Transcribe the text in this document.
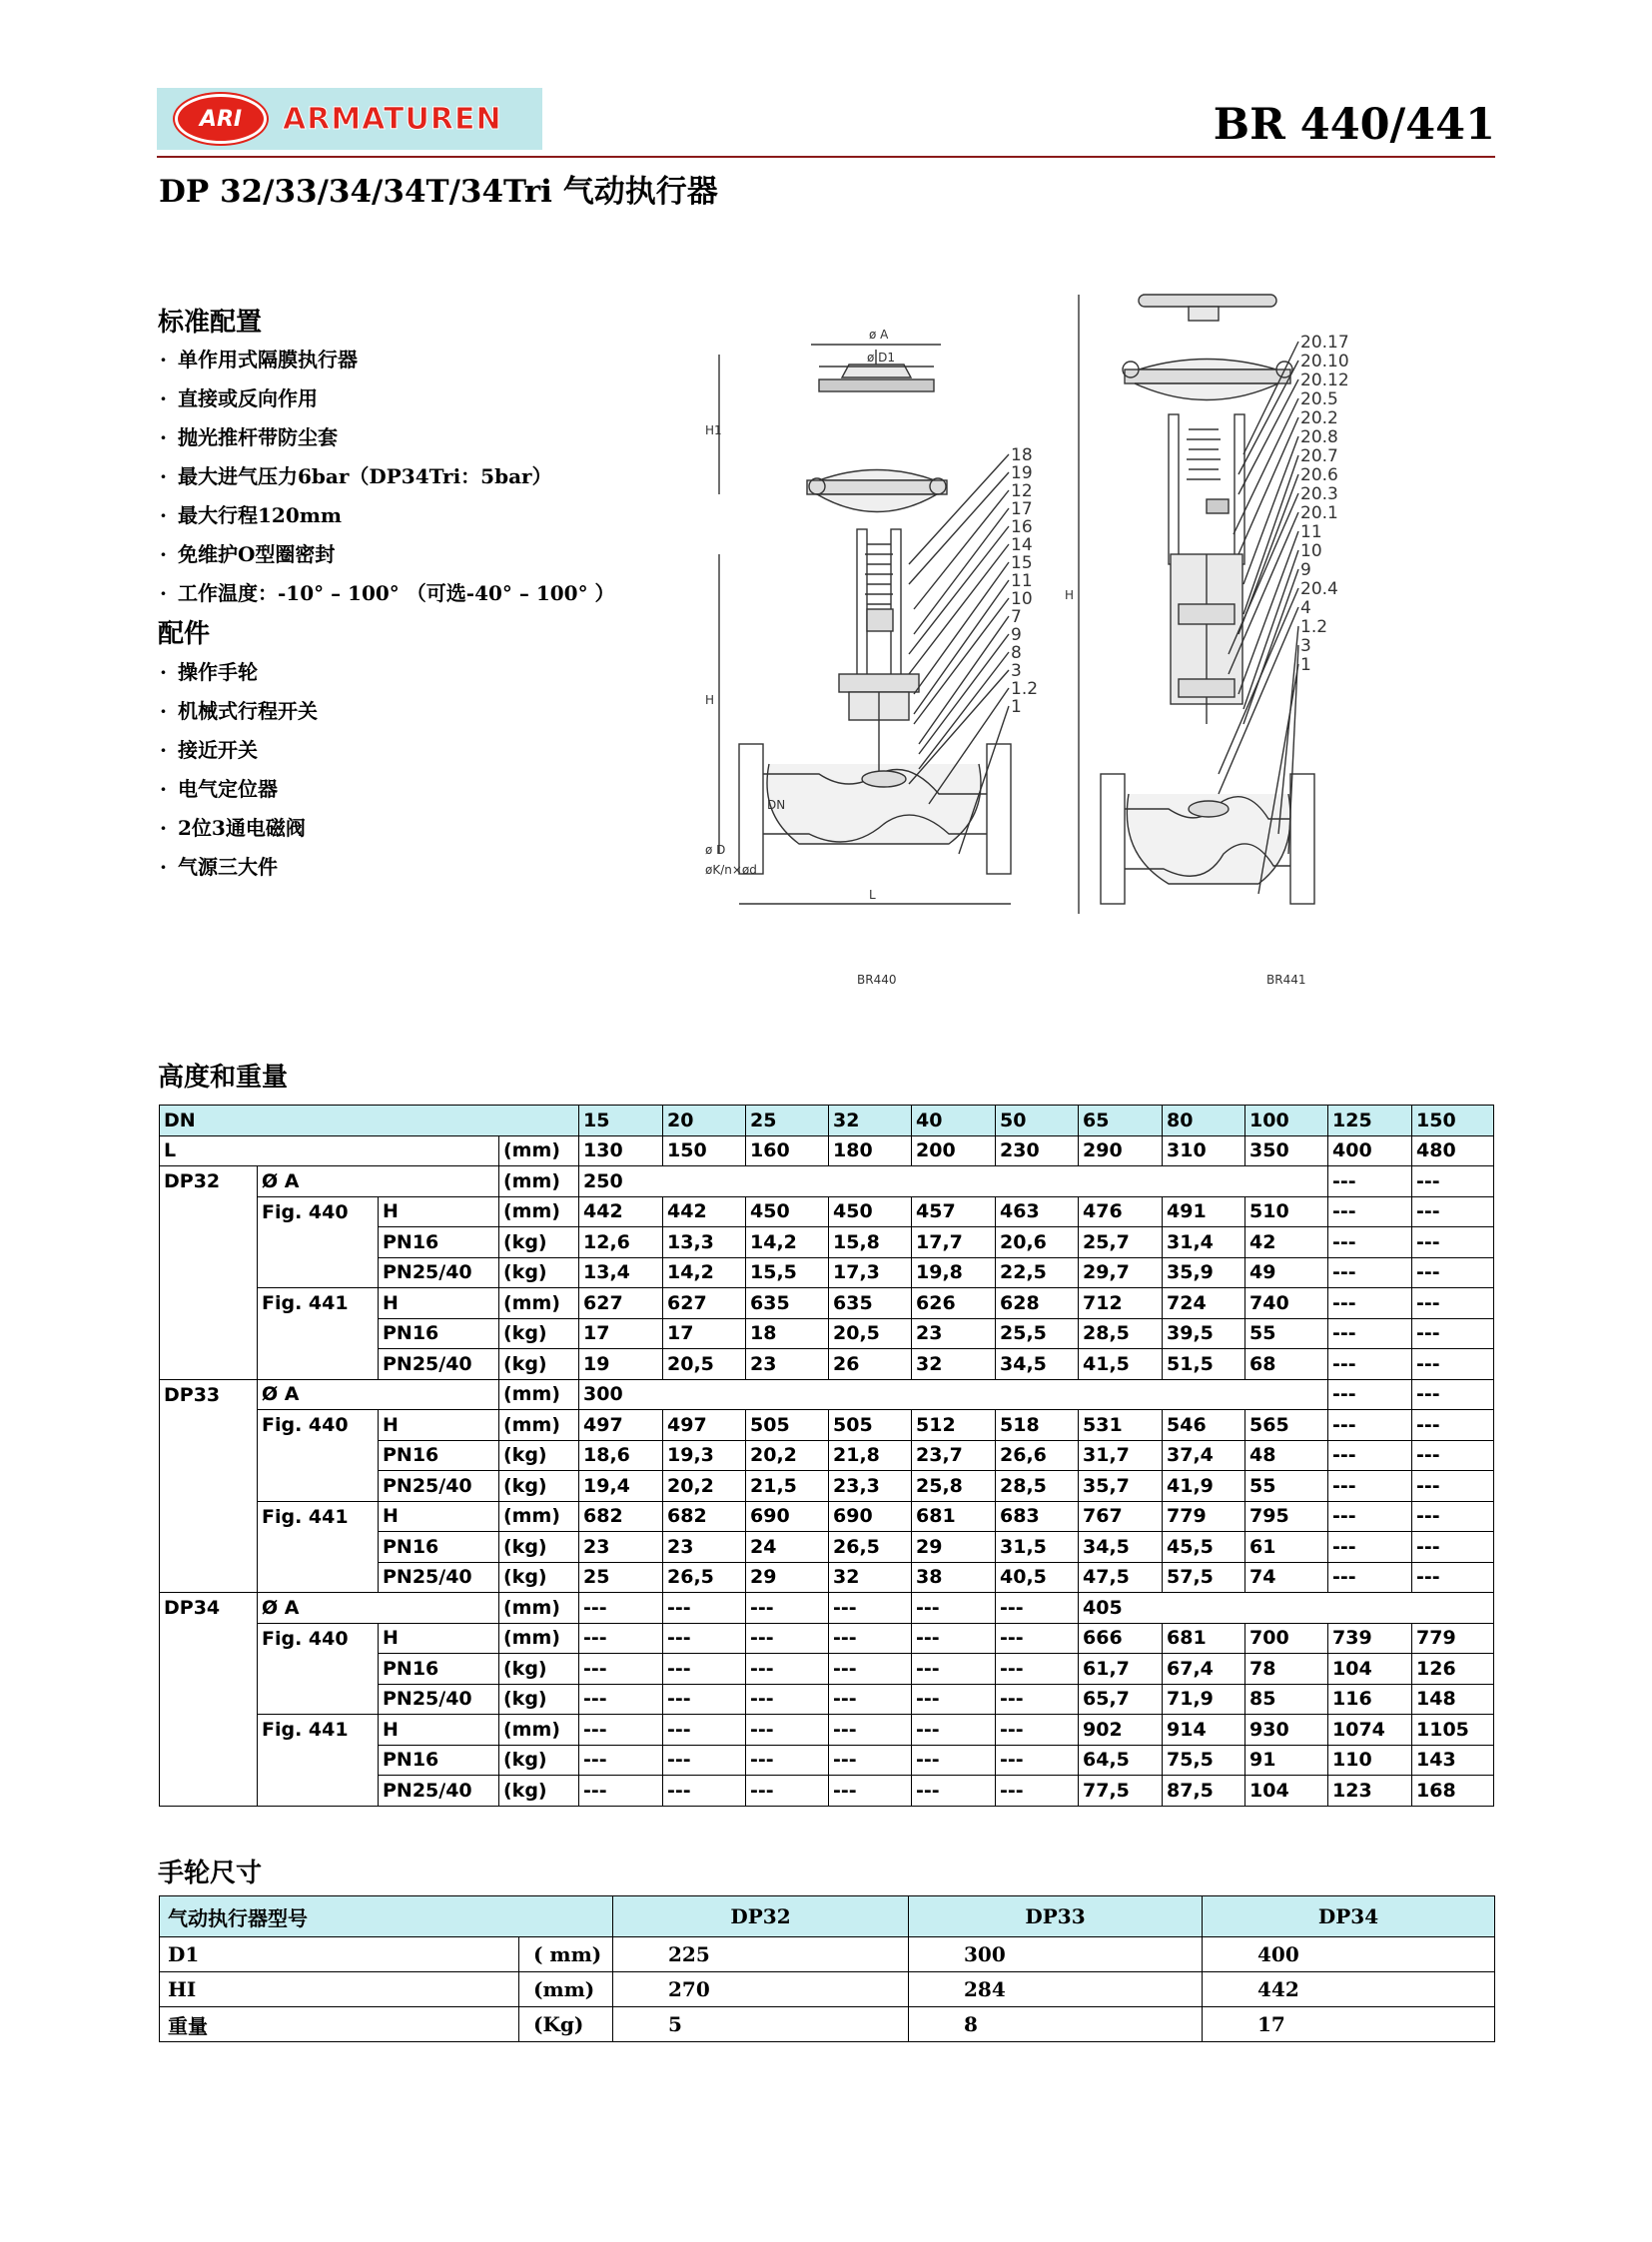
ARI	ARMATUREN	BR 440/441
DP 32/33/34/34T/34Tri 气动执行器
标准配置
· 单作用式隔膜执行器
· 直接或反向作用
· 抛光推杆带防尘套
· 最大进气压力6bar（DP34Tri：5bar）
· 最大行程120mm
· 免维护O型圈密封
· 工作温度：-10° – 100° （可选-40° – 100° ）
配件
· 操作手轮
· 机械式行程开关
· 接近开关
· 电气定位器
· 2位3通电磁阀
· 气源三大件
ø A
ø D1
H1
H
ø D
øK/n×ød
DN
L
H
BR440	BR441
18
19
12
17
16
14
15
11
10
7
9
8
3
1.2
1
20.17
20.10
20.12
20.5
20.2
20.8
20.7
20.6
20.3
20.1
11
10
9
20.4
4
1.2
3
1
高度和重量
DN				15	20	25	32	40	50	65	80	100	125	150
L			(mm)	130	150	160	180	200	230	290	310	350	400	480
DP32	Ø A		(mm)	250									---	---
	Fig. 440	H	(mm)	442	442	450	450	457	463	476	491	510	---	---
		PN16	(kg)	12,6	13,3	14,2	15,8	17,7	20,6	25,7	31,4	42	---	---
		PN25/40	(kg)	13,4	14,2	15,5	17,3	19,8	22,5	29,7	35,9	49	---	---
	Fig. 441	H	(mm)	627	627	635	635	626	628	712	724	740	---	---
		PN16	(kg)	17	17	18	20,5	23	25,5	28,5	39,5	55	---	---
		PN25/40	(kg)	19	20,5	23	26	32	34,5	41,5	51,5	68	---	---
DP33	Ø A		(mm)	300									---	---
	Fig. 440	H	(mm)	497	497	505	505	512	518	531	546	565	---	---
		PN16	(kg)	18,6	19,3	20,2	21,8	23,7	26,6	31,7	37,4	48	---	---
		PN25/40	(kg)	19,4	20,2	21,5	23,3	25,8	28,5	35,7	41,9	55	---	---
	Fig. 441	H	(mm)	682	682	690	690	681	683	767	779	795	---	---
		PN16	(kg)	23	23	24	26,5	29	31,5	34,5	45,5	61	---	---
		PN25/40	(kg)	25	26,5	29	32	38	40,5	47,5	57,5	74	---	---
DP34	Ø A		(mm)	---	---	---	---	---	---	405				
	Fig. 440	H	(mm)	---	---	---	---	---	---	666	681	700	739	779
		PN16	(kg)	---	---	---	---	---	---	61,7	67,4	78	104	126
		PN25/40	(kg)	---	---	---	---	---	---	65,7	71,9	85	116	148
	Fig. 441	H	(mm)	---	---	---	---	---	---	902	914	930	1074	1105
		PN16	(kg)	---	---	---	---	---	---	64,5	75,5	91	110	143
		PN25/40	(kg)	---	---	---	---	---	---	77,5	87,5	104	123	168
手轮尺寸
气动执行器型号		DP32	DP33	DP34
D1	( mm)	225	300	400
HI	(mm)	270	284	442
重量	(Kg)	5	8	17
